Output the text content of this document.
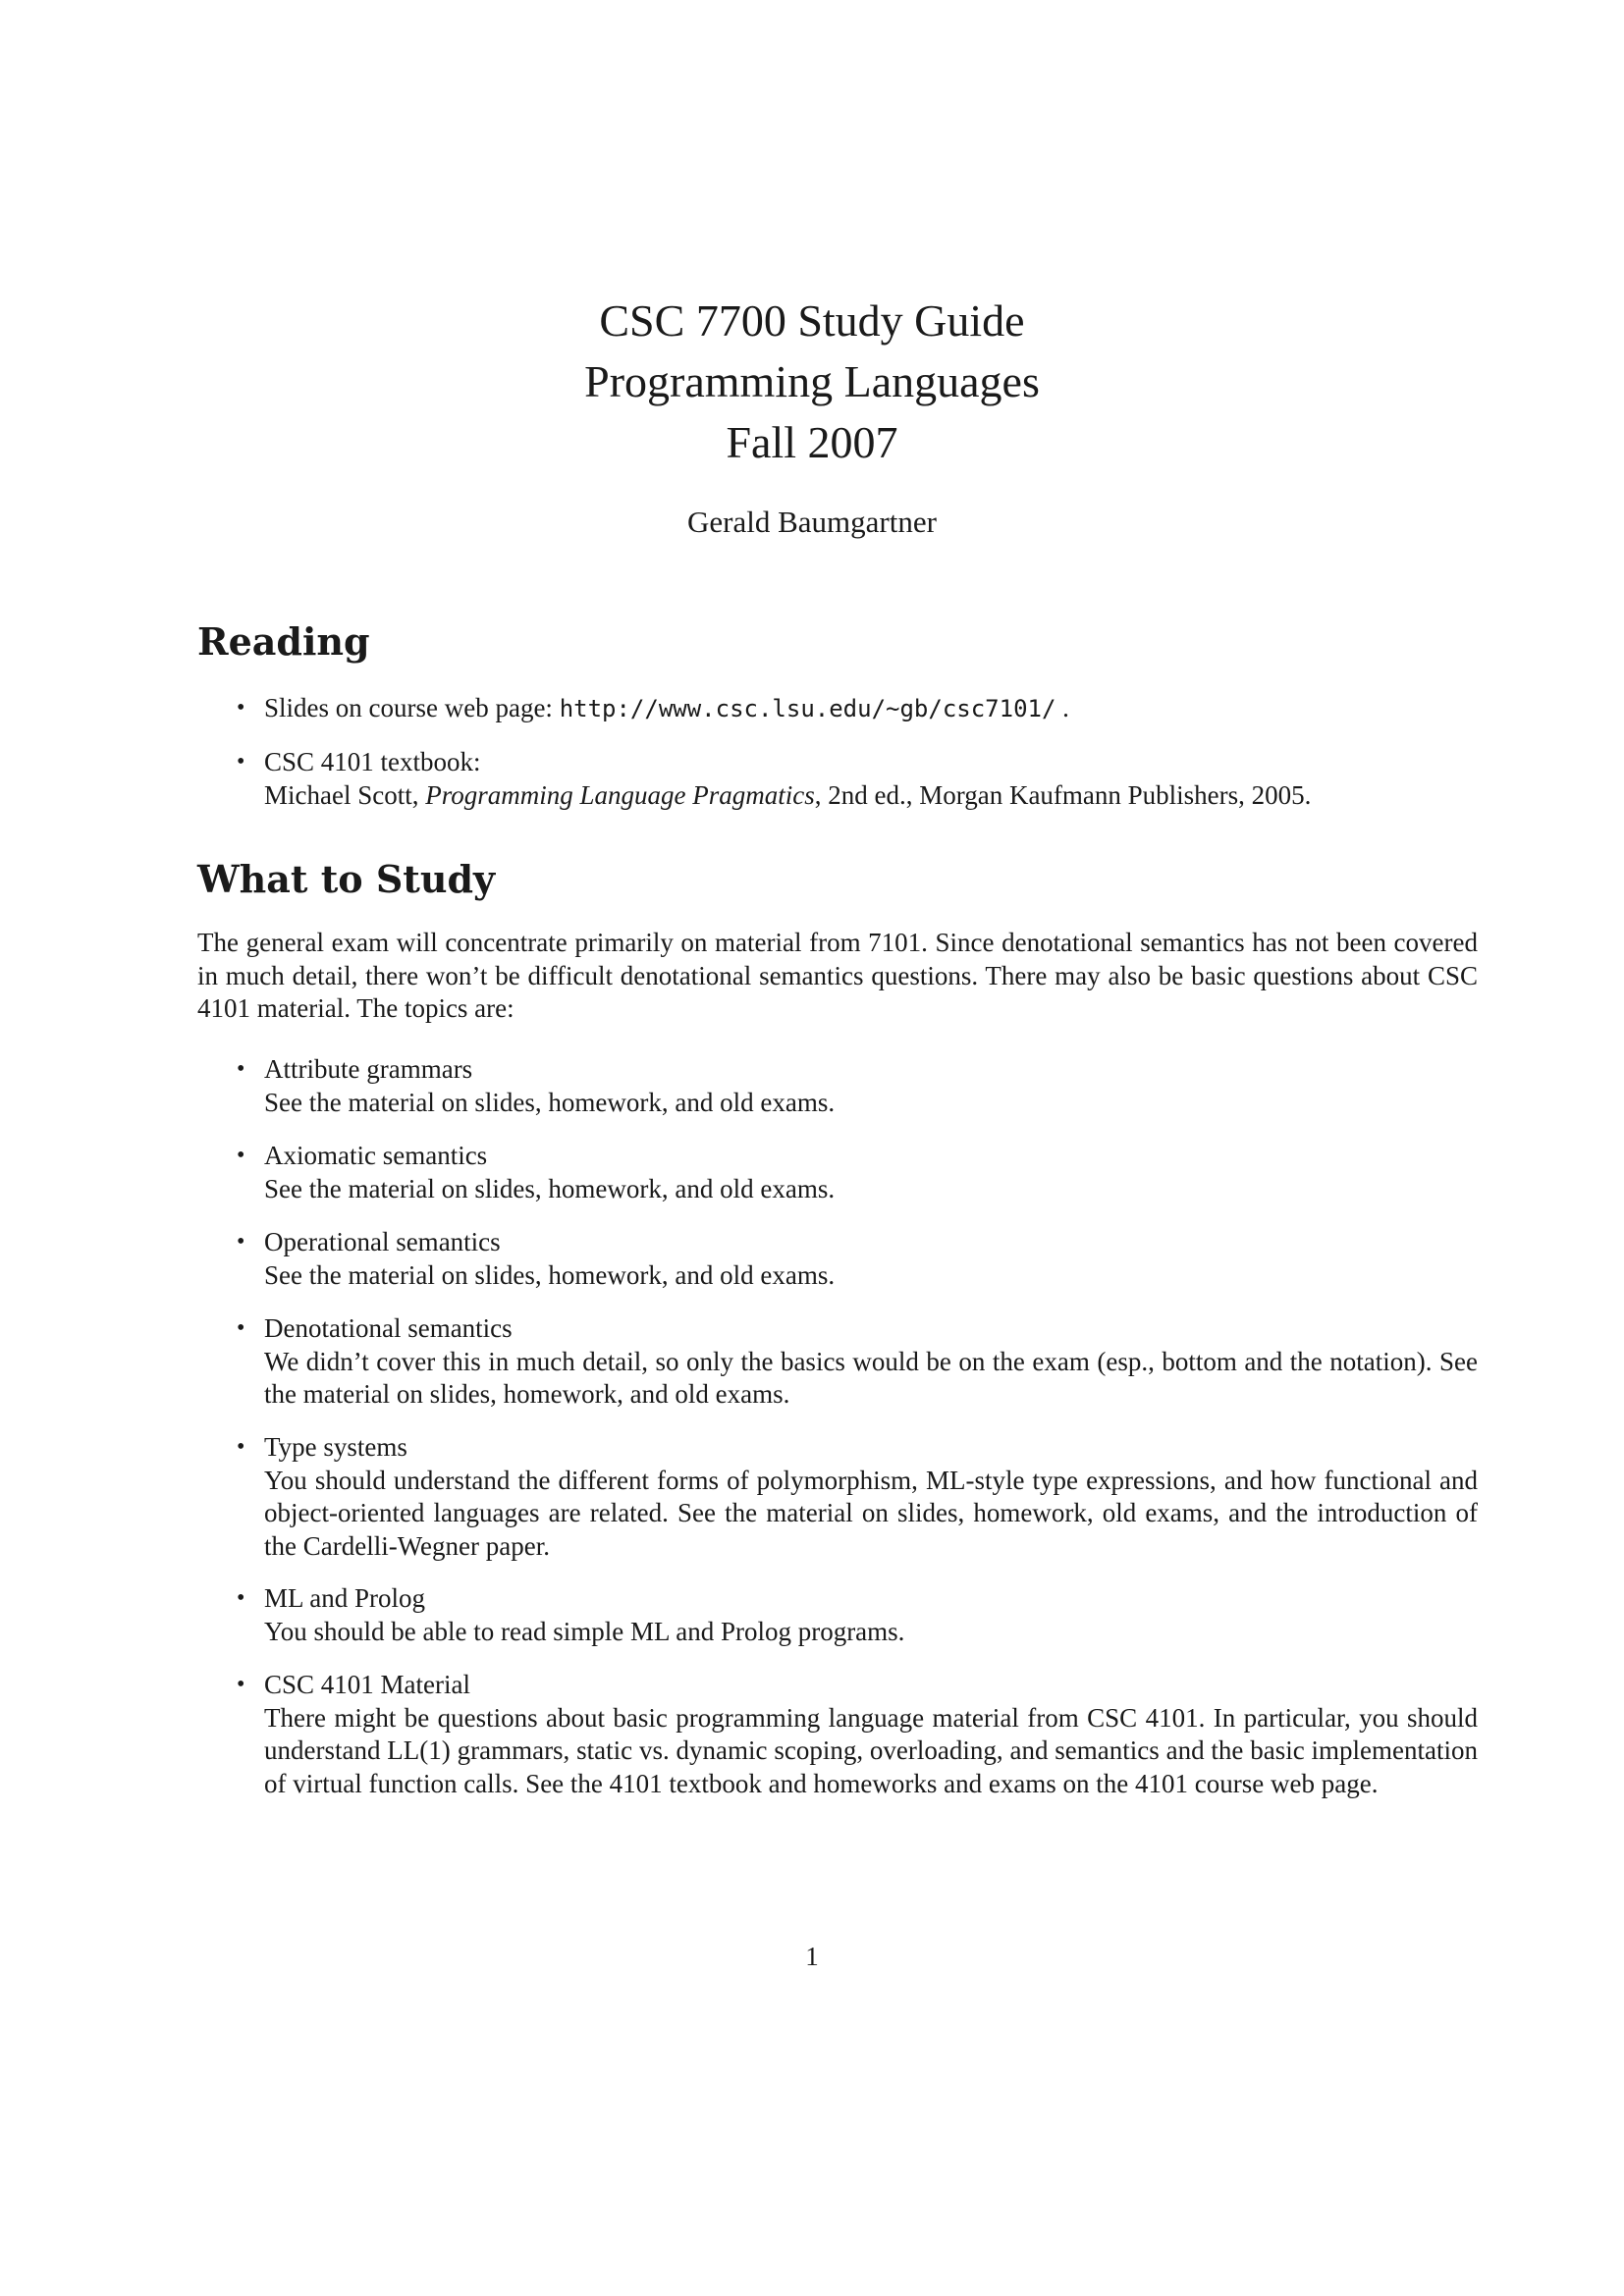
CSC 7700 Study Guide
Programming Languages
Fall 2007
Gerald Baumgartner
Reading
• Slides on course web page: http://www.csc.lsu.edu/~gb/csc7101/ .
• CSC 4101 textbook:
Michael Scott, Programming Language Pragmatics, 2nd ed., Morgan Kaufmann Publishers, 2005.
What to Study

The general exam will concentrate primarily on material from 7101. Since denotational semantics has not been covered in much detail, there won’t be difficult denotational semantics questions. There may also be basic questions about CSC 4101 material. The topics are:

• Attribute grammars
See the material on slides, homework, and old exams.
• Axiomatic semantics
See the material on slides, homework, and old exams.
• Operational semantics
See the material on slides, homework, and old exams.
• Denotational semantics
We didn’t cover this in much detail, so only the basics would be on the exam (esp., bottom and the notation). See the material on slides, homework, and old exams.
• Type systems
You should understand the different forms of polymorphism, ML-style type expressions, and how functional and object-oriented languages are related. See the material on slides, homework, old exams, and the introduction of the Cardelli-Wegner paper.
• ML and Prolog
You should be able to read simple ML and Prolog programs.
• CSC 4101 Material
There might be questions about basic programming language material from CSC 4101. In particular, you should understand LL(1) grammars, static vs. dynamic scoping, overloading, and semantics and the basic implementation of virtual function calls. See the 4101 textbook and homeworks and exams on the 4101 course web page.
1
